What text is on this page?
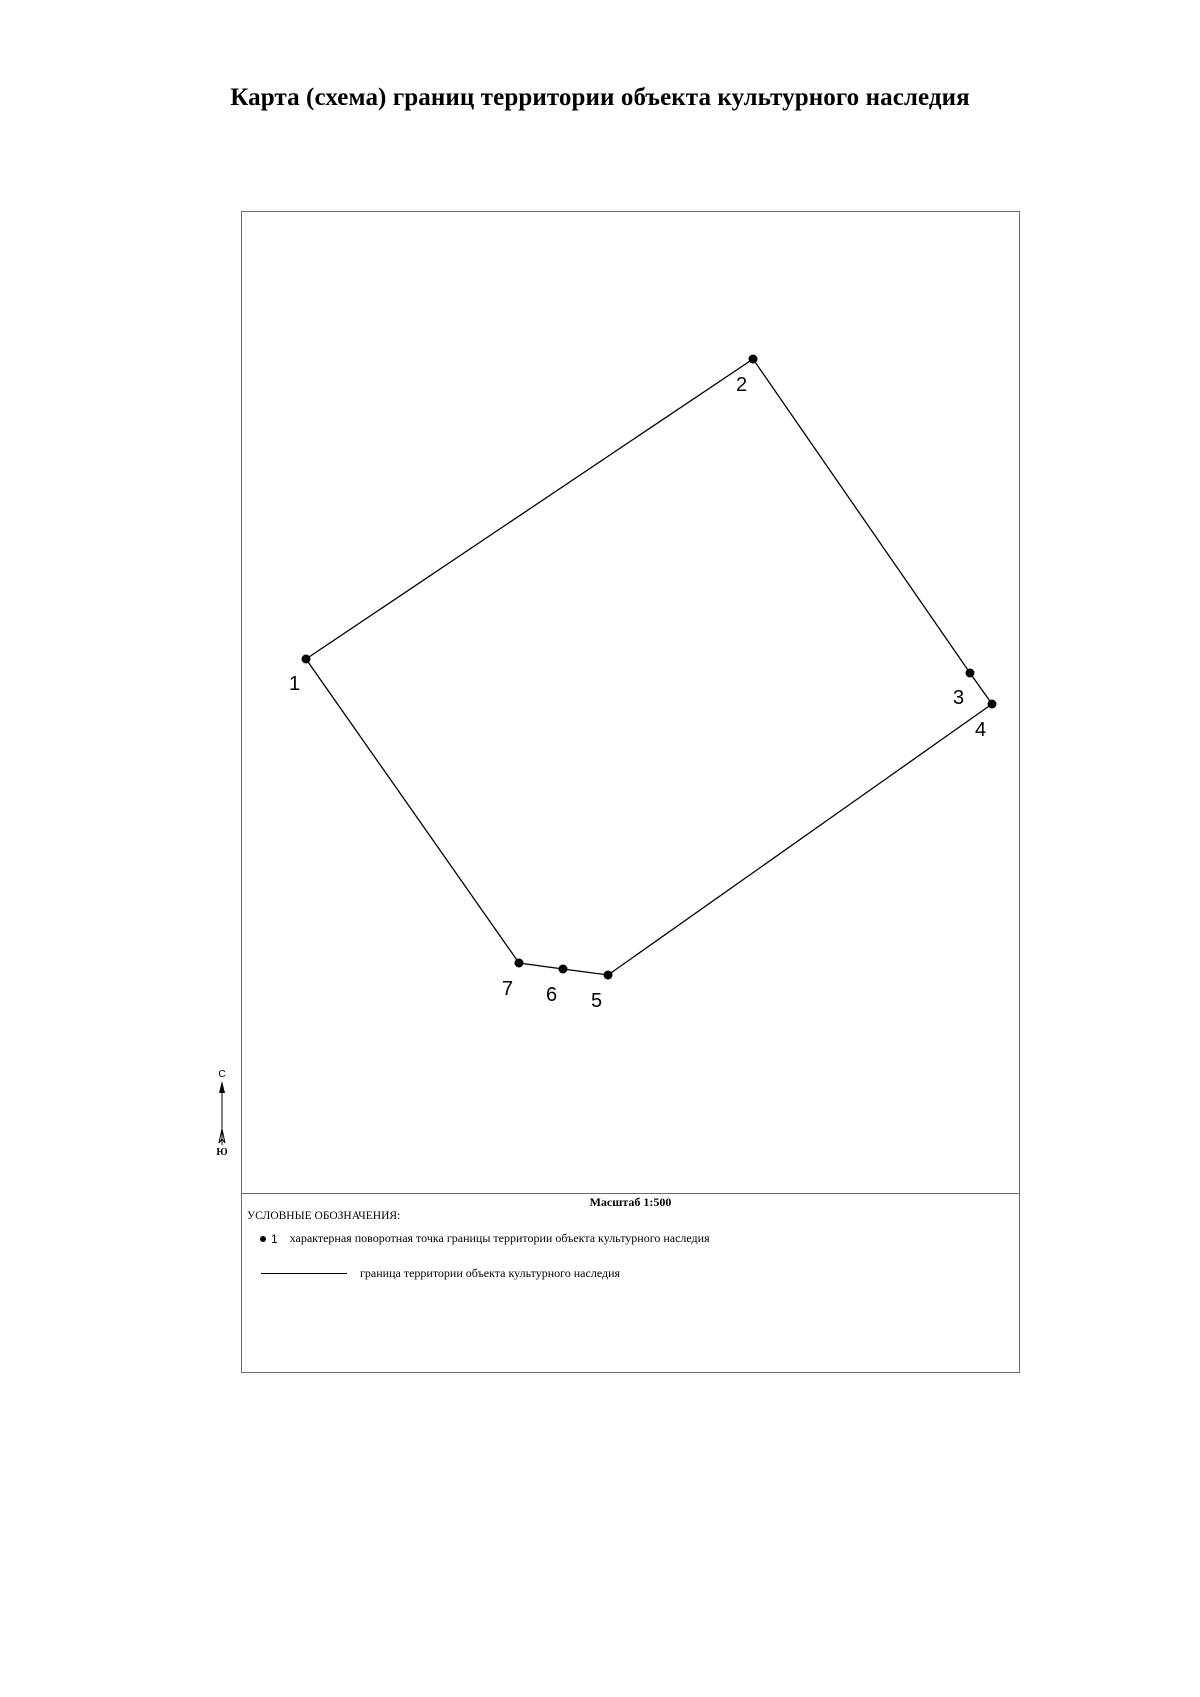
Карта (схема) границ территории объекта культурного наследия
1
2
3
4
5
6
7
С
Ю
Масштаб 1:500
УСЛОВНЫЕ ОБОЗНАЧЕНИЯ:
1 характерная поворотная точка границы территории объекта культурного наследия
граница территории объекта культурного наследия
